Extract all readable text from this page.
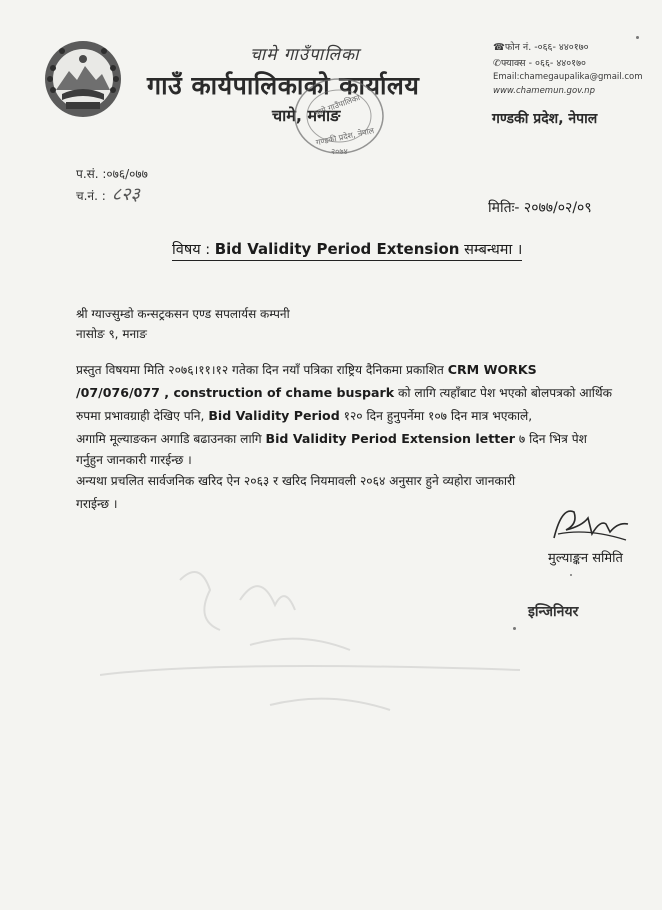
चामे गाउँपालिका
गाउँ कार्यपालिकाको कार्यालय
चामे, मनाङ
चामे गाउँपालिका
गण्डकी प्रदेश, नेपाल
२०७४
☎फोन नं. -०६६- ४४०१७०
✆फ्याक्स - ०६६- ४४०१७०
Email:chamegaupalika@gmail.com
www.chamemun.gov.np
गण्डकी प्रदेश, नेपाल
प.सं. :०७६/०७७
च.नं. : ८२३
मितिः- २०७७/०२/०९
विषय : Bid Validity Period Extension सम्बन्धमा ।
श्री ग्याज्सुम्डो कन्सट्रकसन एण्ड सपलार्यस कम्पनी
नासोङ ९, मनाङ
प्रस्तुत विषयमा मिति २०७६।११।१२ गतेका दिन नयाँ पत्रिका राष्ट्रिय दैनिकमा प्रकाशित CRM WORKS
/07/076/077 , construction of chame buspark को लागि त्यहाँबाट पेश भएको बोलपत्रको आर्थिक
रुपमा प्रभावग्राही देखिए पनि, Bid Validity Period १२० दिन हुनुपर्नेमा १०७ दिन मात्र भएकाले,
अगामि मूल्याङकन अगाडि बढाउनका लागि Bid Validity Period Extension letter ७ दिन भित्र पेश
गर्नुहुन जानकारी गारईन्छ ।
अन्यथा प्रचलित सार्वजनिक खरिद ऐन २०६३ र खरिद नियमावली २०६४ अनुसार हुने व्यहोरा जानकारी
गराईन्छ ।
मुल्याङ्कन समिति
इन्जिनियर
